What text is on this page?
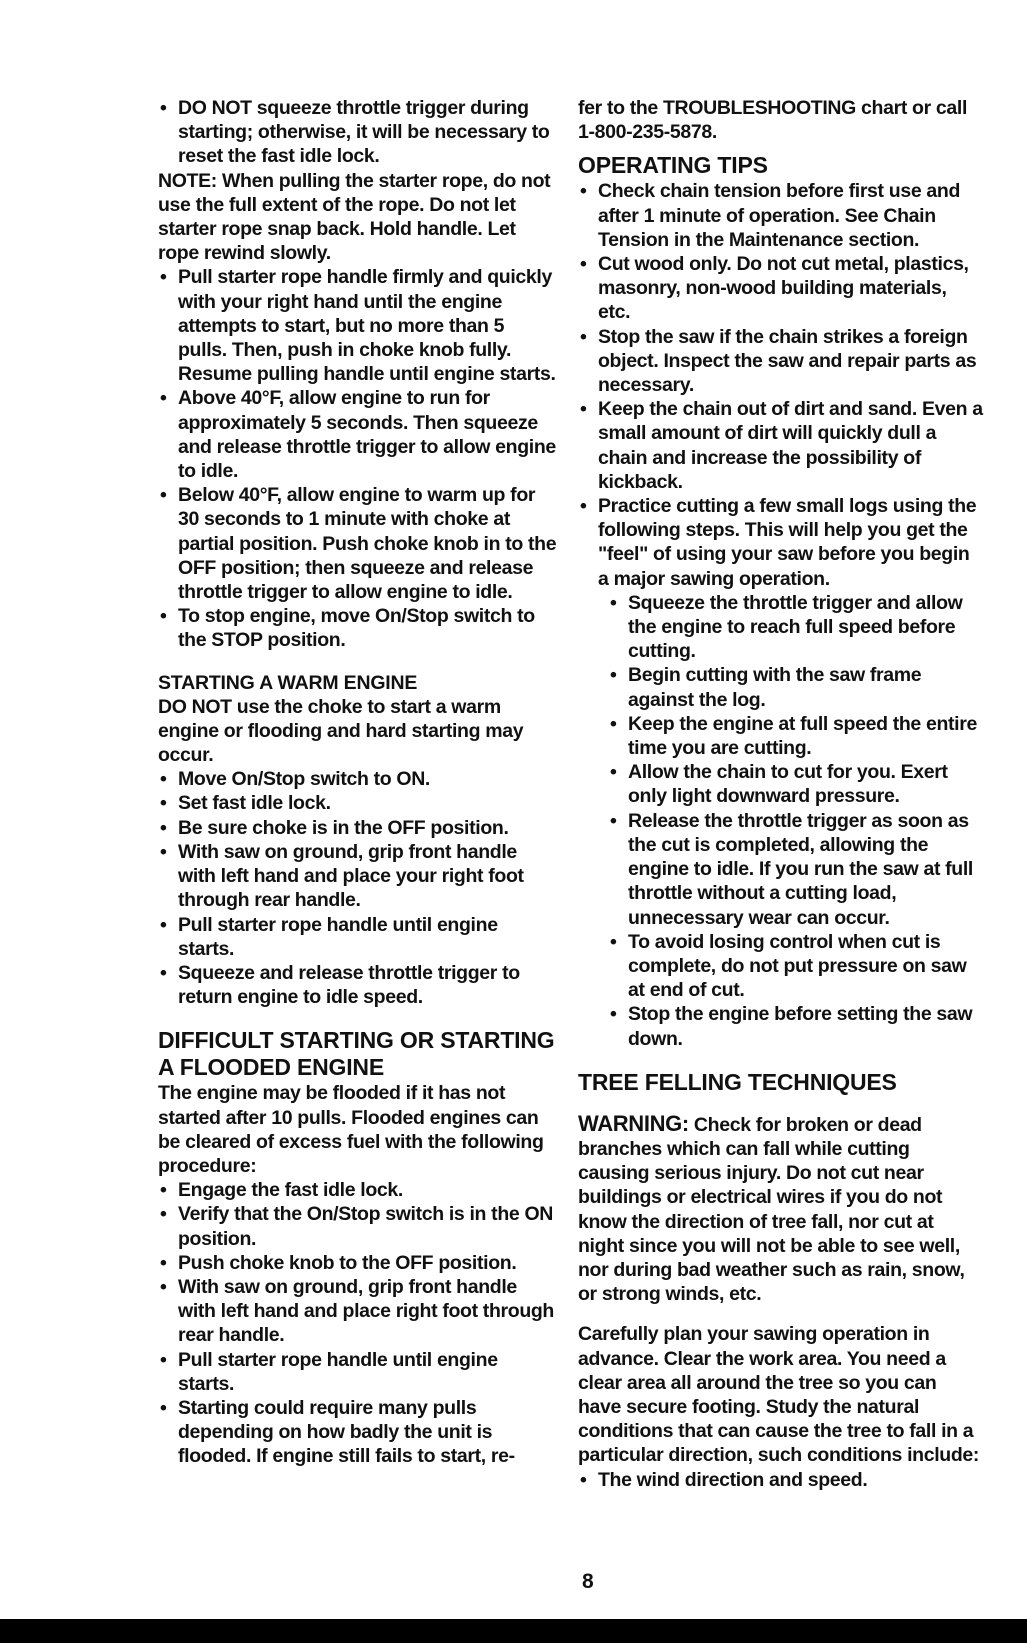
• DO NOT squeeze throttle trigger during starting; otherwise, it will be necessary to reset the fast idle lock.
NOTE: When pulling the starter rope, do not use the full extent of the rope. Do not let starter rope snap back. Hold handle. Let rope rewind slowly.
• Pull starter rope handle firmly and quickly with your right hand until the engine attempts to start, but no more than 5 pulls. Then, push in choke knob fully. Resume pulling handle until engine starts.
• Above 40°F, allow engine to run for approximately 5 seconds. Then squeeze and release throttle trigger to allow engine to idle.
• Below 40°F, allow engine to warm up for 30 seconds to 1 minute with choke at partial position. Push choke knob in to the OFF position; then squeeze and release throttle trigger to allow engine to idle.
• To stop engine, move On/Stop switch to the STOP position.
STARTING A WARM ENGINE
DO NOT use the choke to start a warm engine or flooding and hard starting may occur.
• Move On/Stop switch to ON.
• Set fast idle lock.
• Be sure choke is in the OFF position.
• With saw on ground, grip front handle with left hand and place your right foot through rear handle.
• Pull starter rope handle until engine starts.
• Squeeze and release throttle trigger to return engine to idle speed.
DIFFICULT STARTING OR STARTING A FLOODED ENGINE
The engine may be flooded if it has not started after 10 pulls. Flooded engines can be cleared of excess fuel with the following procedure:
• Engage the fast idle lock.
• Verify that the On/Stop switch is in the ON position.
• Push choke knob to the OFF position.
• With saw on ground, grip front handle with left hand and place right foot through rear handle.
• Pull starter rope handle until engine starts.
• Starting could require many pulls depending on how badly the unit is flooded. If engine still fails to start, re-
fer to the TROUBLESHOOTING chart or call 1-800-235-5878.
OPERATING TIPS
• Check chain tension before first use and after 1 minute of operation. See Chain Tension in the Maintenance section.
• Cut wood only. Do not cut metal, plastics, masonry, non-wood building materials, etc.
• Stop the saw if the chain strikes a foreign object. Inspect the saw and repair parts as necessary.
• Keep the chain out of dirt and sand. Even a small amount of dirt will quickly dull a chain and increase the possibility of kickback.
• Practice cutting a few small logs using the following steps. This will help you get the "feel" of using your saw before you begin a major sawing operation.
• Squeeze the throttle trigger and allow the engine to reach full speed before cutting.
• Begin cutting with the saw frame against the log.
• Keep the engine at full speed the entire time you are cutting.
• Allow the chain to cut for you. Exert only light downward pressure.
• Release the throttle trigger as soon as the cut is completed, allowing the engine to idle. If you run the saw at full throttle without a cutting load, unnecessary wear can occur.
• To avoid losing control when cut is complete, do not put pressure on saw at end of cut.
• Stop the engine before setting the saw down.
TREE FELLING TECHNIQUES
WARNING: Check for broken or dead branches which can fall while cutting causing serious injury. Do not cut near buildings or electrical wires if you do not know the direction of tree fall, nor cut at night since you will not be able to see well, nor during bad weather such as rain, snow, or strong winds, etc.
Carefully plan your sawing operation in advance. Clear the work area. You need a clear area all around the tree so you can have secure footing. Study the natural conditions that can cause the tree to fall in a particular direction, such conditions include:
• The wind direction and speed.
8
